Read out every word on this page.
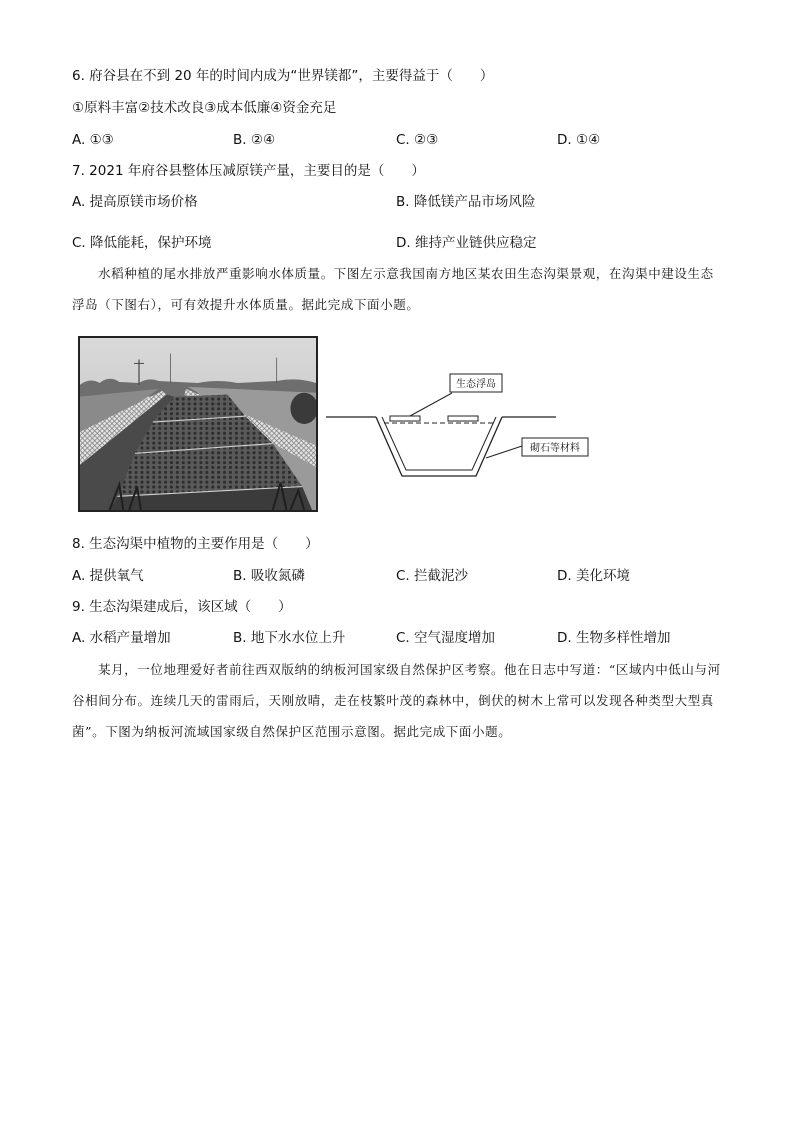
6. 府谷县在不到 20 年的时间内成为“世界镁都”，主要得益于（　　）
①原料丰富②技术改良③成本低廉④资金充足
A. ①③	B. ②④	C. ②③	D. ①④
7. 2021 年府谷县整体压减原镁产量，主要目的是（　　）
A. 提高原镁市场价格	B. 降低镁产品市场风险
C. 降低能耗，保护环境	D. 维持产业链供应稳定
水稻种植的尾水排放严重影响水体质量。下图左示意我国南方地区某农田生态沟渠景观，在沟渠中建设生态浮岛（下图右），可有效提升水体质量。据此完成下面小题。
生态浮岛
砌石等材料
8. 生态沟渠中植物的主要作用是（　　）
A. 提供氧气	B. 吸收氮磷	C. 拦截泥沙	D. 美化环境
9. 生态沟渠建成后，该区域（　　）
A. 水稻产量增加	B. 地下水水位上升	C. 空气湿度增加	D. 生物多样性增加
某月，一位地理爱好者前往西双版纳的纳板河国家级自然保护区考察。他在日志中写道：“区域内中低山与河谷相间分布。连续几天的雷雨后，天刚放晴，走在枝繁叶茂的森林中，倒伏的树木上常可以发现各种类型大型真菌”。下图为纳板河流域国家级自然保护区范围示意图。据此完成下面小题。
